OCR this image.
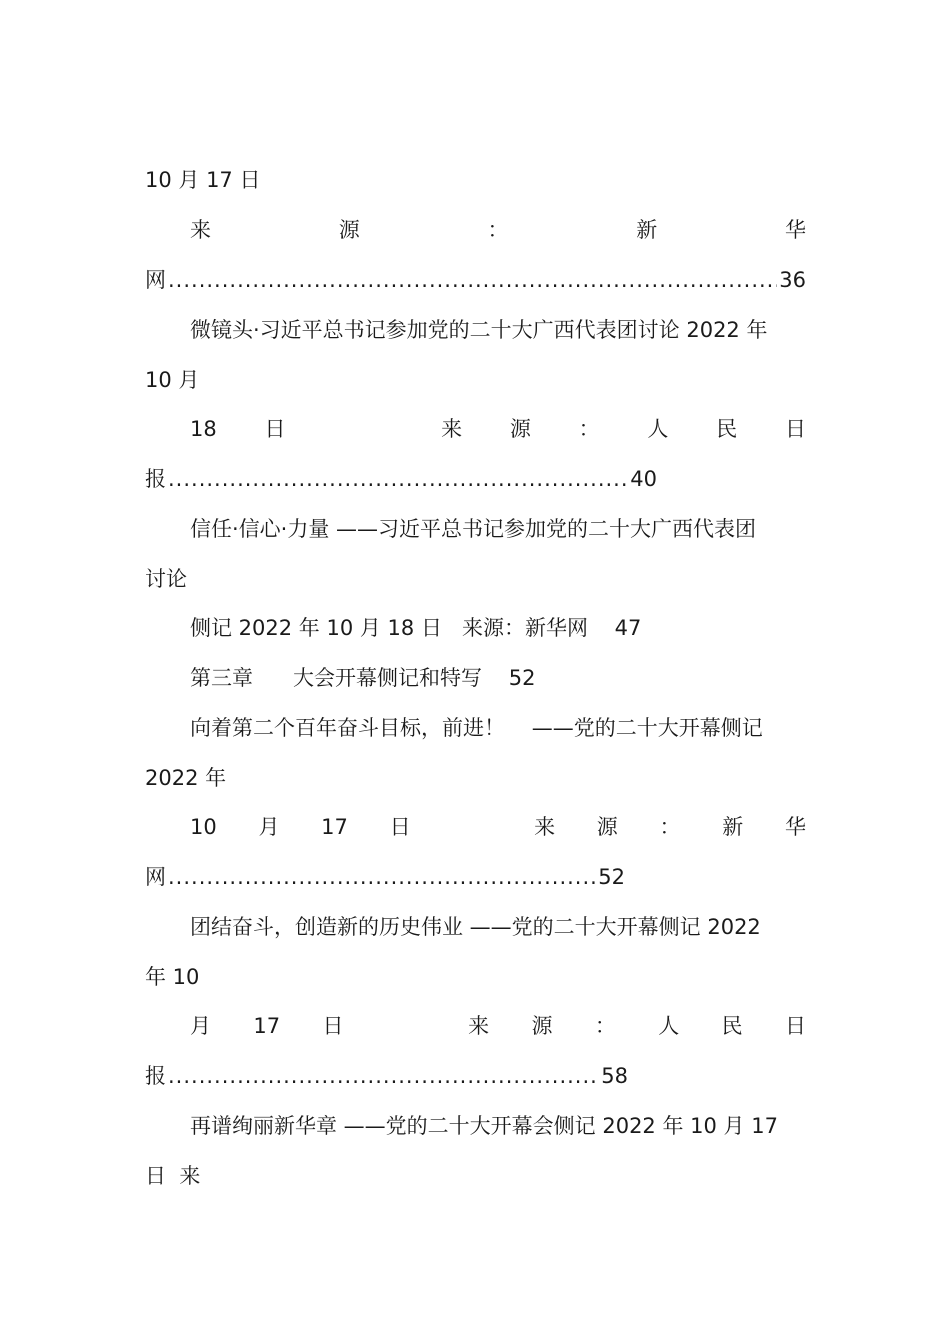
10 月 17 日
来	源	：	新	华
网 .....	36
微镜头·习近平总书记参加党的二十大广西代表团讨论 2022 年
10 月
18 日	来 源 ： 人 民 日
报 .....	40
信任·信心·力量 ——习近平总书记参加党的二十大广西代表团
讨论
侧记 2022 年 10 月 18 日   来源：新华网    47
第三章      大会开幕侧记和特写    52
向着第二个百年奋斗目标，前进！    ——党的二十大开幕侧记
2022 年
10 月 17 日	来 源 ： 新 华
网 .....	52
团结奋斗，创造新的历史伟业 ——党的二十大开幕侧记 2022
年 10
月 17 日	来 源 ： 人 民 日
报 .....	58
再谱绚丽新华章 ——党的二十大开幕会侧记 2022 年 10 月 17
日  来
